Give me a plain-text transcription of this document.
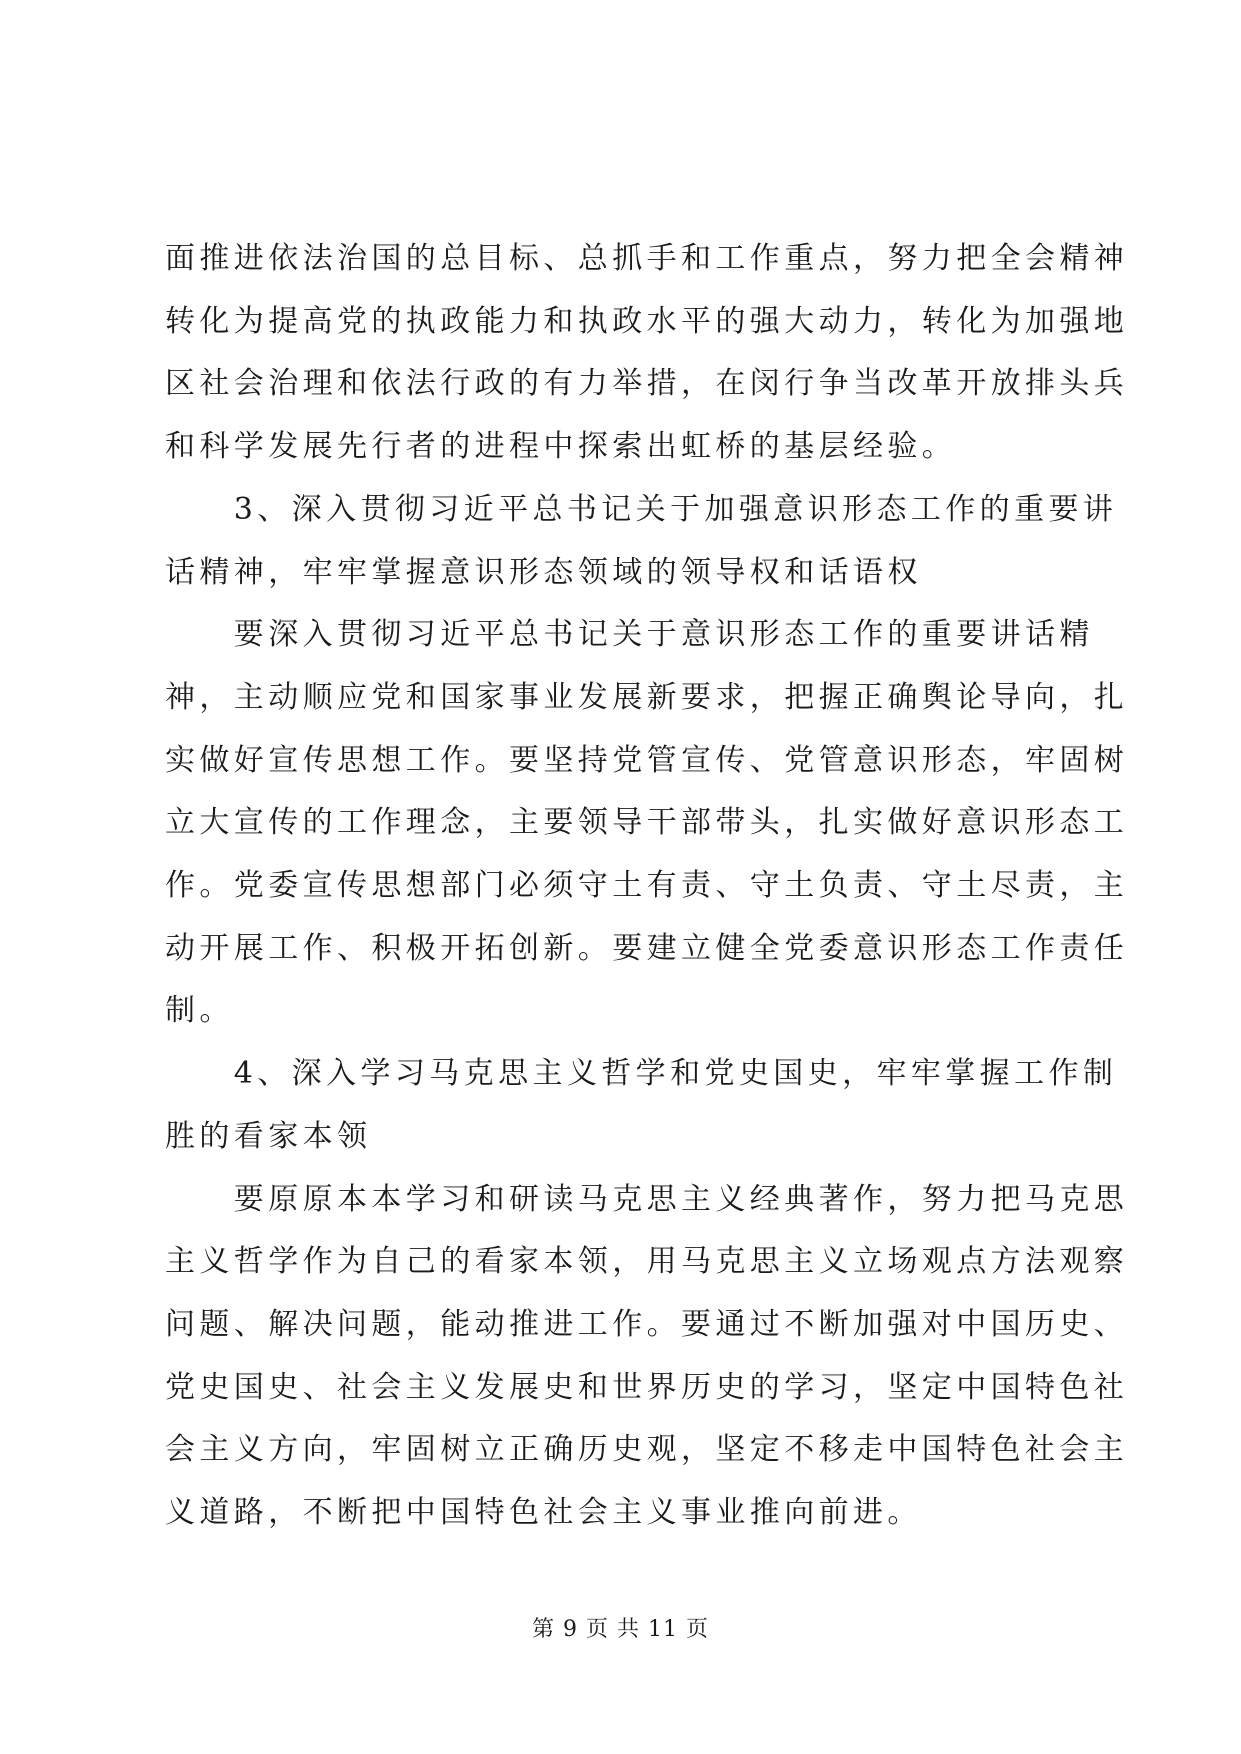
面推进依法治国的总目标、总抓手和工作重点，努力把全会精神
转化为提高党的执政能力和执政水平的强大动力，转化为加强地
区社会治理和依法行政的有力举措，在闵行争当改革开放排头兵
和科学发展先行者的进程中探索出虹桥的基层经验。
　　3、深入贯彻习近平总书记关于加强意识形态工作的重要讲
话精神，牢牢掌握意识形态领域的领导权和话语权
　　要深入贯彻习近平总书记关于意识形态工作的重要讲话精
神，主动顺应党和国家事业发展新要求，把握正确舆论导向，扎
实做好宣传思想工作。要坚持党管宣传、党管意识形态，牢固树
立大宣传的工作理念，主要领导干部带头，扎实做好意识形态工
作。党委宣传思想部门必须守土有责、守土负责、守土尽责，主
动开展工作、积极开拓创新。要建立健全党委意识形态工作责任
制。
　　4、深入学习马克思主义哲学和党史国史，牢牢掌握工作制
胜的看家本领
　　要原原本本学习和研读马克思主义经典著作，努力把马克思
主义哲学作为自己的看家本领，用马克思主义立场观点方法观察
问题、解决问题，能动推进工作。要通过不断加强对中国历史、
党史国史、社会主义发展史和世界历史的学习，坚定中国特色社
会主义方向，牢固树立正确历史观，坚定不移走中国特色社会主
义道路，不断把中国特色社会主义事业推向前进。

第 9 页 共 11 页
